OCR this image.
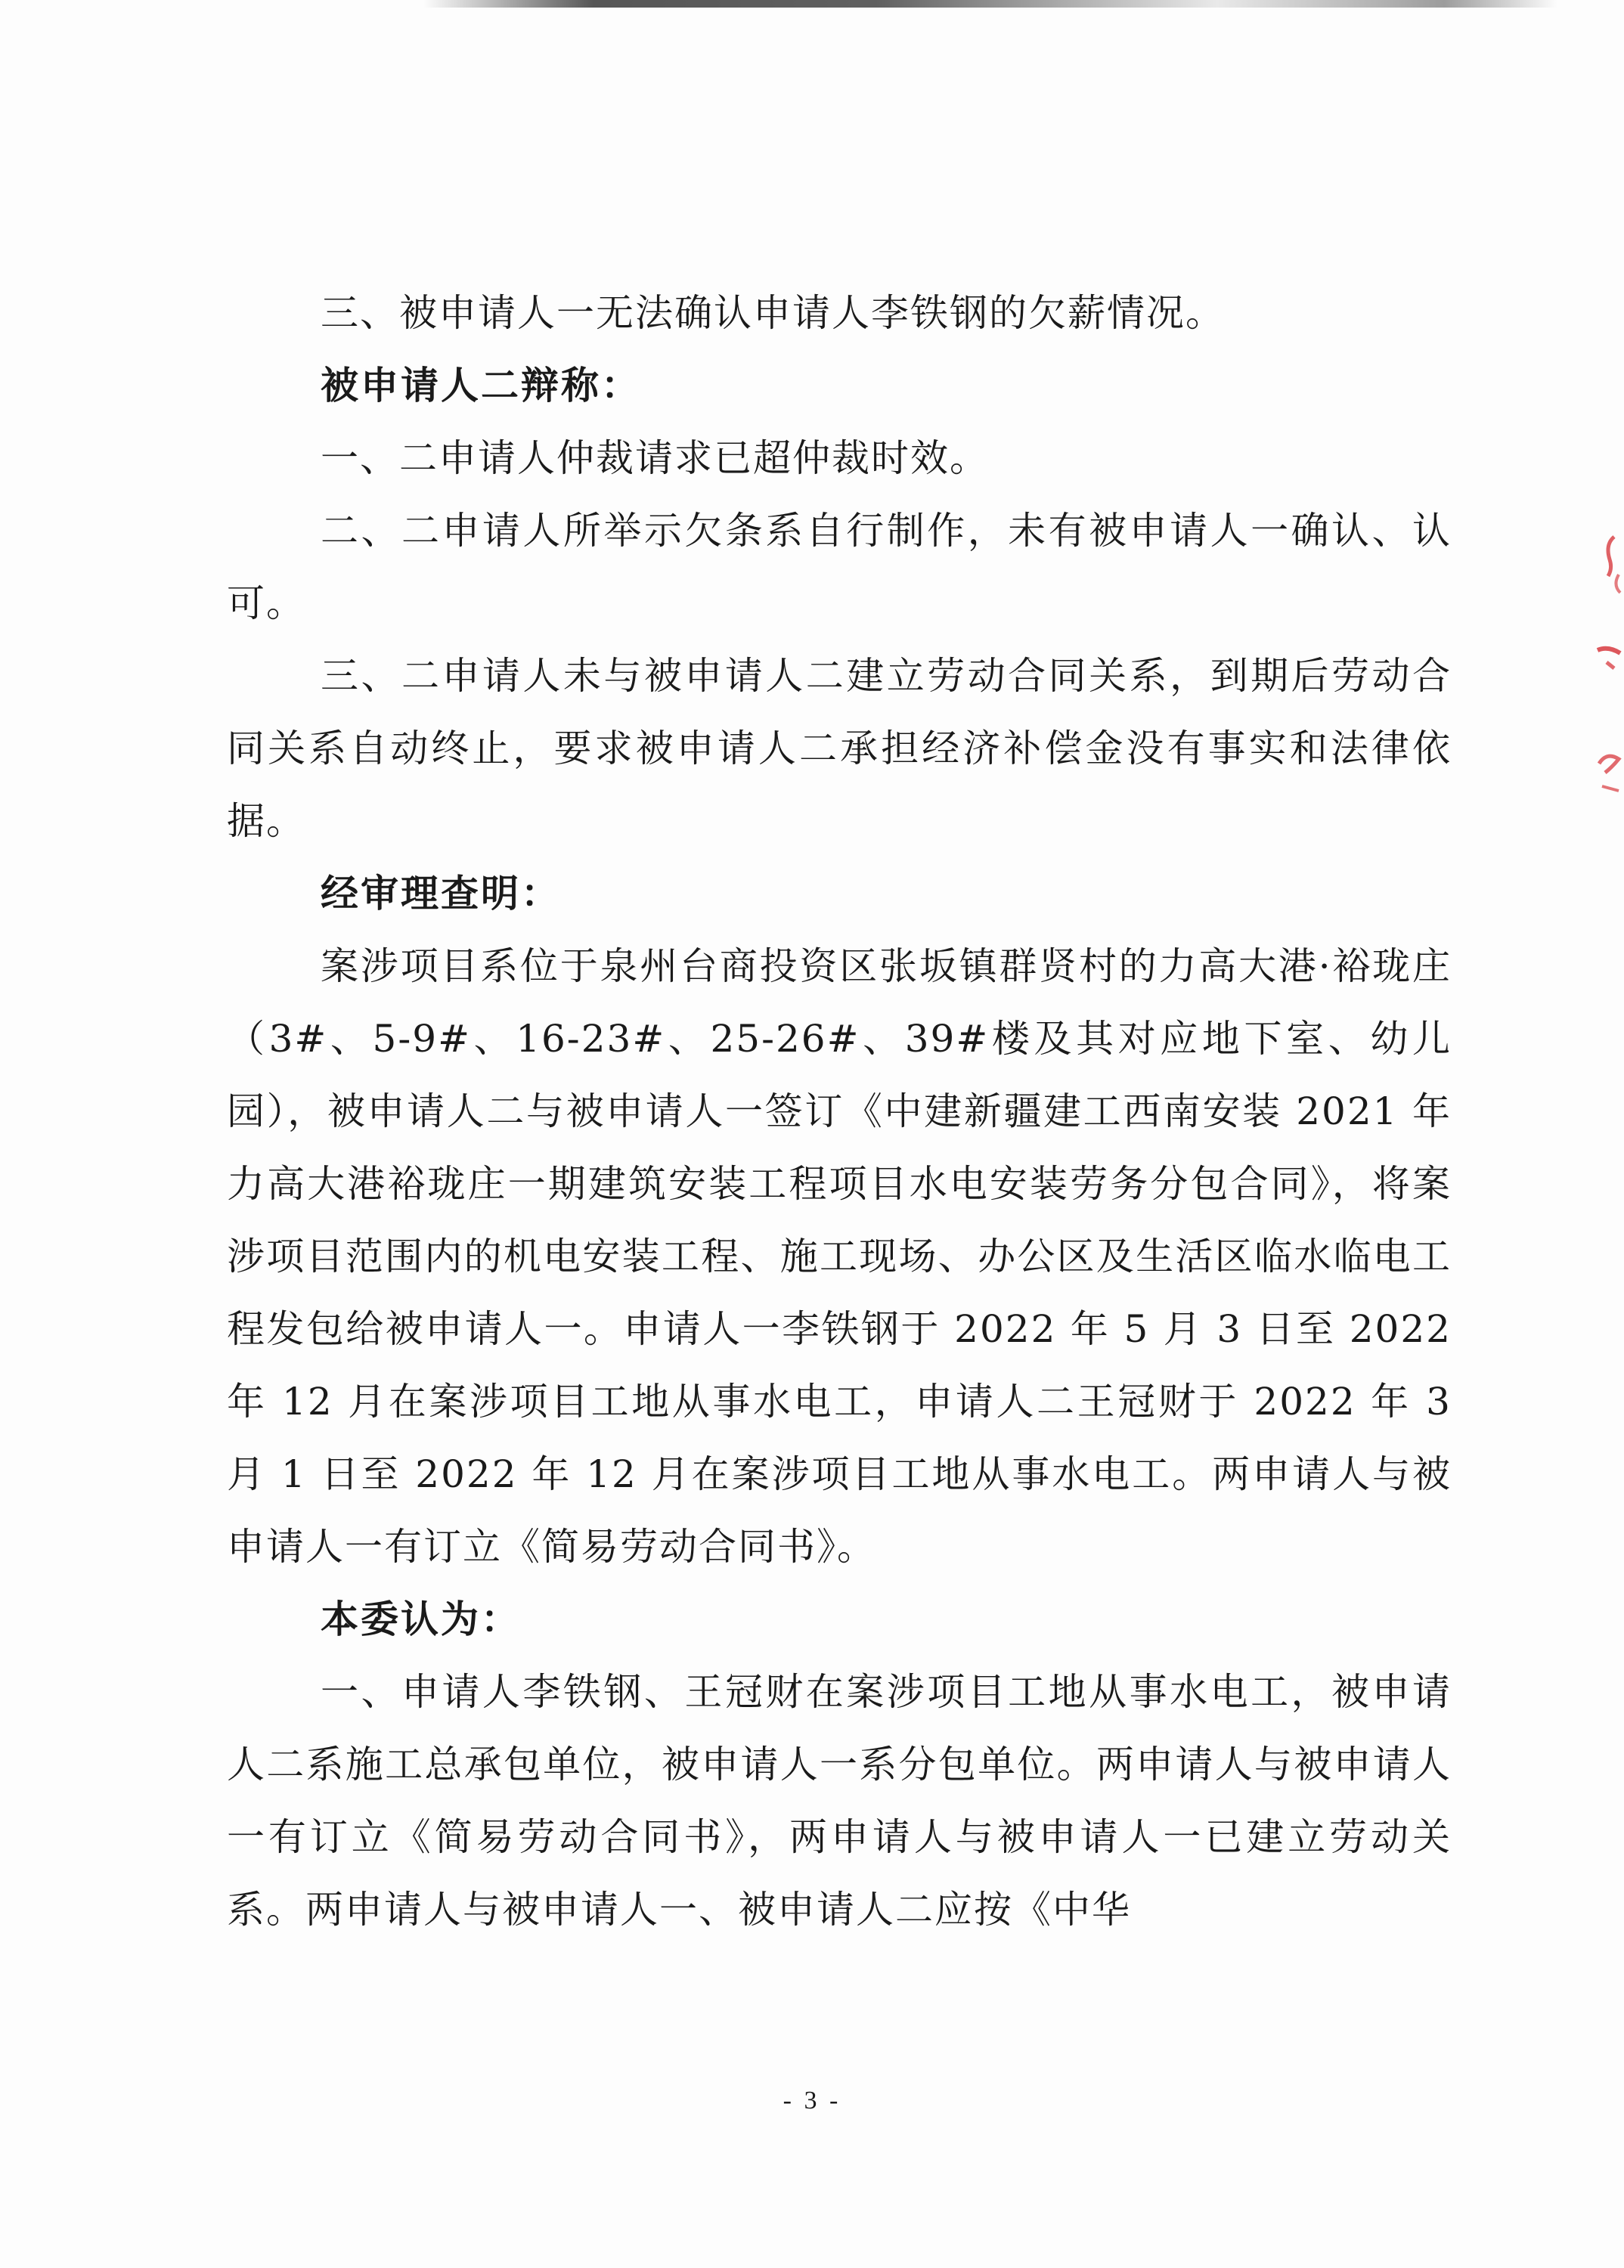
三、被申请人一无法确认申请人李铁钢的欠薪情况。

被申请人二辩称：

一、二申请人仲裁请求已超仲裁时效。

二、二申请人所举示欠条系自行制作，未有被申请人一确认、认可。

三、二申请人未与被申请人二建立劳动合同关系，到期后劳动合同关系自动终止，要求被申请人二承担经济补偿金没有事实和法律依据。

经审理查明：

案涉项目系位于泉州台商投资区张坂镇群贤村的力高大港·裕珑庄（3#、5-9#、16-23#、25-26#、39#楼及其对应地下室、幼儿园），被申请人二与被申请人一签订《中建新疆建工西南安装 2021 年力高大港裕珑庄一期建筑安装工程项目水电安装劳务分包合同》，将案涉项目范围内的机电安装工程、施工现场、办公区及生活区临水临电工程发包给被申请人一。申请人一李铁钢于 2022 年 5 月 3 日至 2022 年 12 月在案涉项目工地从事水电工，申请人二王冠财于 2022 年 3 月 1 日至 2022 年 12 月在案涉项目工地从事水电工。两申请人与被申请人一有订立《简易劳动合同书》。

本委认为：

一、申请人李铁钢、王冠财在案涉项目工地从事水电工，被申请人二系施工总承包单位，被申请人一系分包单位。两申请人与被申请人一有订立《简易劳动合同书》，两申请人与被申请人一已建立劳动关系。两申请人与被申请人一、被申请人二应按《中华

- 3 -
